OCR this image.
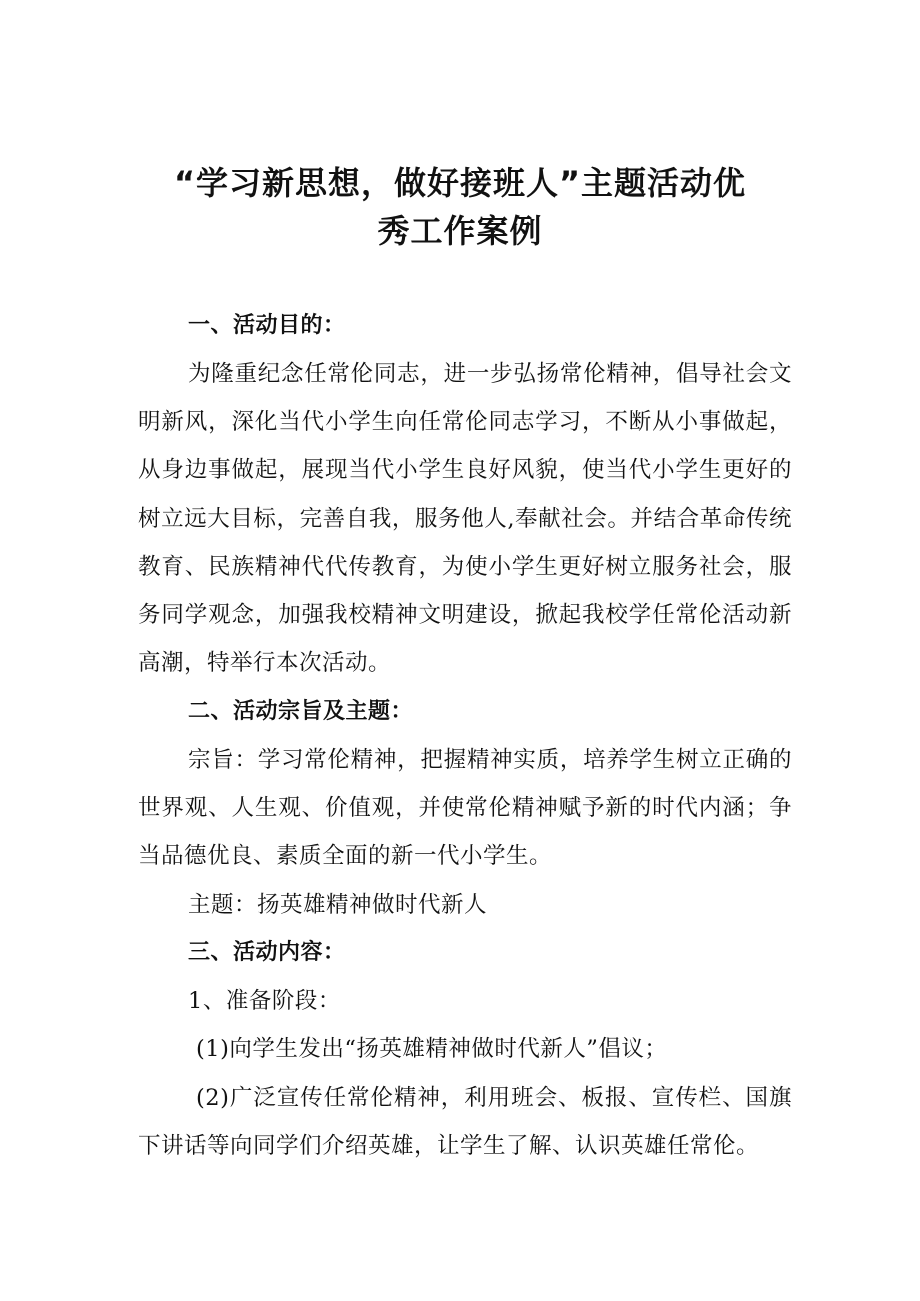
“学习新思想，做好接班人”主题活动优
秀工作案例

一、活动目的：

为隆重纪念任常伦同志，进一步弘扬常伦精神，倡导社会文

明新风，深化当代小学生向任常伦同志学习，不断从小事做起，

从身边事做起，展现当代小学生良好风貌，使当代小学生更好的

树立远大目标，完善自我，服务他人,奉献社会。并结合革命传统

教育、民族精神代代传教育，为使小学生更好树立服务社会，服

务同学观念，加强我校精神文明建设，掀起我校学任常伦活动新

高潮，特举行本次活动。

二、活动宗旨及主题：

宗旨：学习常伦精神，把握精神实质，培养学生树立正确的

世界观、人生观、价值观，并使常伦精神赋予新的时代内涵；争

当品德优良、素质全面的新一代小学生。

主题：扬英雄精神做时代新人

三、活动内容：

1、准备阶段：

(1)向学生发出“扬英雄精神做时代新人”倡议；

(2)广泛宣传任常伦精神，利用班会、板报、宣传栏、国旗

下讲话等向同学们介绍英雄，让学生了解、认识英雄任常伦。
